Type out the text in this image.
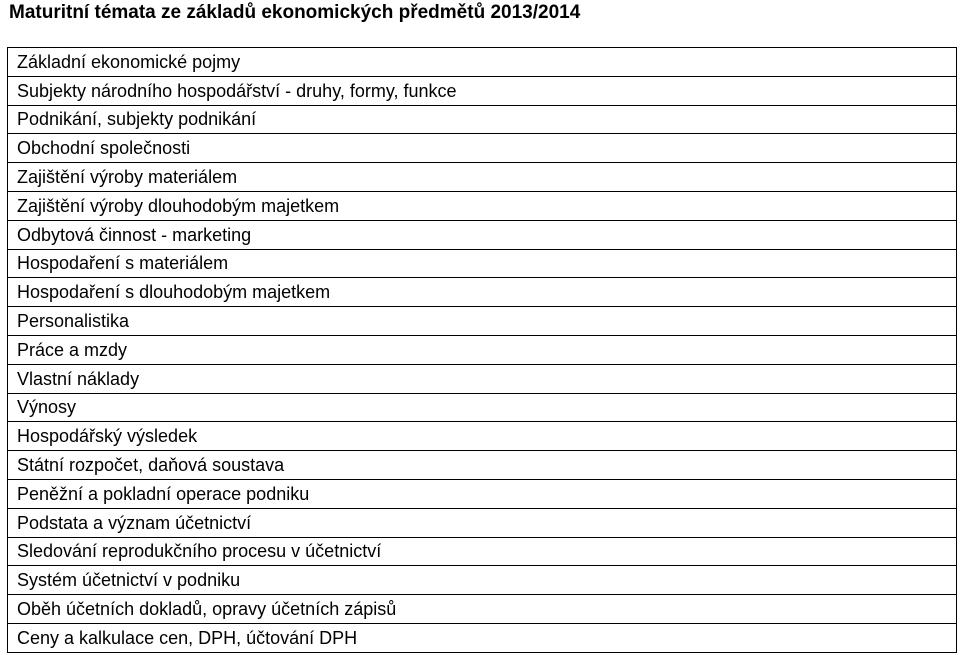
Maturitní témata ze základů ekonomických předmětů 2013/2014
Základní ekonomické pojmy
Subjekty národního hospodářství - druhy, formy, funkce
Podnikání, subjekty podnikání
Obchodní společnosti
Zajištění výroby materiálem
Zajištění výroby dlouhodobým majetkem
Odbytová činnost - marketing
Hospodaření s materiálem
Hospodaření s dlouhodobým majetkem
Personalistika
Práce a mzdy
Vlastní náklady
Výnosy
Hospodářský výsledek
Státní rozpočet, daňová soustava
Peněžní a pokladní operace podniku
Podstata a význam účetnictví
Sledování reprodukčního procesu v účetnictví
Systém účetnictví v podniku
Oběh účetních dokladů, opravy účetních zápisů
Ceny a kalkulace cen, DPH, účtování DPH
